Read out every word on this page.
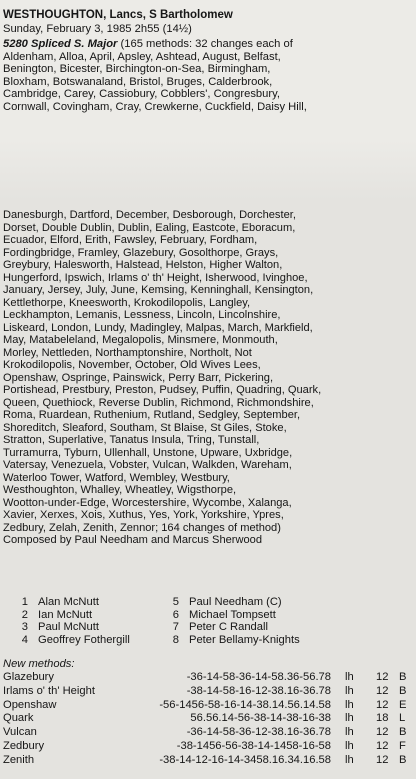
WESTHOUGHTON, Lancs, S Bartholomew
Sunday, February 3, 1985 2h55 (14½)
5280 Spliced S. Major (165 methods: 32 changes each of
Aldenham, Alloa, April, Apsley, Ashtead, August, Belfast,
Benington, Bicester, Birchington-on-Sea, Birmingham,
Bloxham, Botswanaland, Bristol, Bruges, Calderbrook,
Cambridge, Carey, Cassiobury, Cobblers', Congresbury,
Cornwall, Covingham, Cray, Crewkerne, Cuckfield, Daisy Hill,
Danesburgh, Dartford, December, Desborough, Dorchester,
Dorset, Double Dublin, Dublin, Ealing, Eastcote, Eboracum,
Ecuador, Elford, Erith, Fawsley, February, Fordham,
Fordingbridge, Framley, Glazebury, Gosolthorpe, Grays,
Greybury, Halesworth, Halstead, Helston, Higher Walton,
Hungerford, Ipswich, Irlams o' th' Height, Isherwood, Ivinghoe,
January, Jersey, July, June, Kemsing, Kenninghall, Kensington,
Kettlethorpe, Kneesworth, Krokodilopolis, Langley,
Leckhampton, Lemanis, Lessness, Lincoln, Lincolnshire,
Liskeard, London, Lundy, Madingley, Malpas, March, Markfield,
May, Matabeleland, Megalopolis, Minsmere, Monmouth,
Morley, Nettleden, Northamptonshire, Northolt, Not
Krokodilopolis, November, October, Old Wives Lees,
Openshaw, Ospringe, Painswick, Perry Barr, Pickering,
Portishead, Prestbury, Preston, Pudsey, Puffin, Quadring, Quark,
Queen, Quethiock, Reverse Dublin, Richmond, Richmondshire,
Roma, Ruardean, Ruthenium, Rutland, Sedgley, September,
Shoreditch, Sleaford, Southam, St Blaise, St Giles, Stoke,
Stratton, Superlative, Tanatus Insula, Tring, Tunstall,
Turramurra, Tyburn, Ullenhall, Unstone, Upware, Uxbridge,
Vatersay, Venezuela, Vobster, Vulcan, Walkden, Wareham,
Waterloo Tower, Watford, Wembley, Westbury,
Westhoughton, Whalley, Wheatley, Wigsthorpe,
Wootton-under-Edge, Worcestershire, Wycombe, Xalanga,
Xavier, Xerxes, Xois, Xuthus, Yes, York, Yorkshire, Ypres,
Zedbury, Zelah, Zenith, Zennor; 164 changes of method)
Composed by Paul Needham and Marcus Sherwood
1 Alan McNutt
2 Ian McNutt
3 Paul McNutt
4 Geoffrey Fothergill
5 Paul Needham (C)
6 Michael Tompsett
7 Peter C Randall
8 Peter Bellamy-Knights
New methods:
Glazebury	-36-14-58-36-14-58.36-56.78 lh 12 B
Irlams o' th' Height	-38-14-58-16-12-38.16-36.78 lh 12 B
Openshaw	-56-1456-58-16-14-38.14.56.14.58 lh 12 E
Quark	56.56.14-56-38-14-38-16-38 lh 18 L
Vulcan	-36-14-58-36-12-38.16-36.78 lh 12 B
Zedbury	-38-1456-56-38-14-1458-16-58 lh 12 F
Zenith	-38-14-12-16-14-3458.16.34.16.58 lh 12 B
